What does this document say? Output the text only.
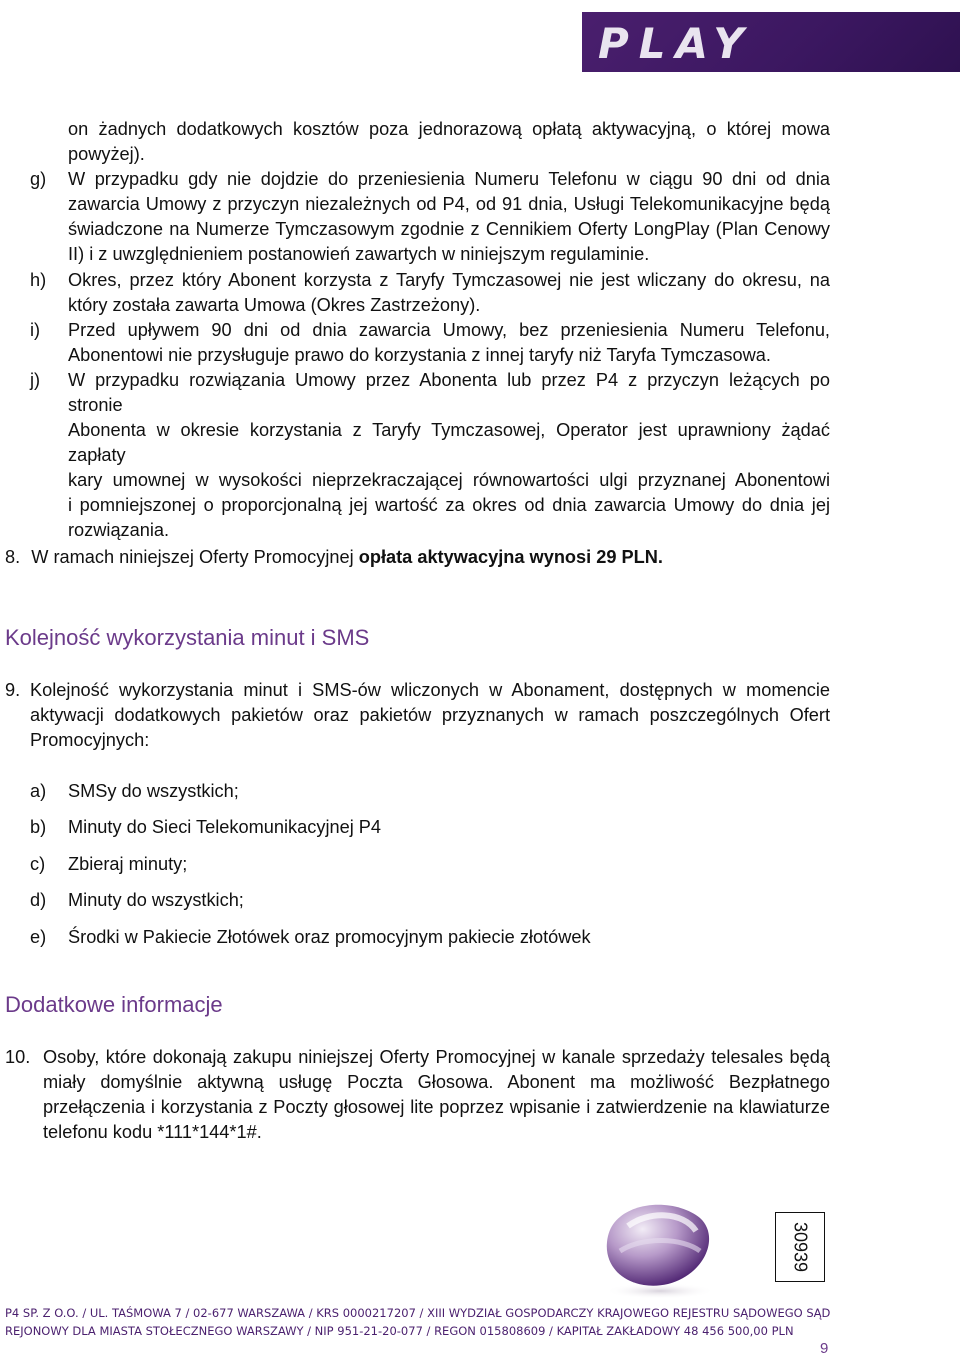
PLAY
on żadnych dodatkowych kosztów poza jednorazową opłatą aktywacyjną, o której mowa
powyżej).
g) W przypadku gdy nie dojdzie do przeniesienia Numeru Telefonu w ciągu 90 dni od dnia
zawarcia Umowy z przyczyn niezależnych od P4, od 91 dnia, Usługi Telekomunikacyjne będą
świadczone na Numerze Tymczasowym zgodnie z Cennikiem Oferty LongPlay (Plan Cenowy
II) i z uwzględnieniem postanowień zawartych w niniejszym regulaminie.
h) Okres, przez który Abonent korzysta z Taryfy Tymczasowej nie jest wliczany do okresu, na
który została zawarta Umowa (Okres Zastrzeżony).
i) Przed upływem 90 dni od dnia zawarcia Umowy, bez przeniesienia Numeru Telefonu,
Abonentowi nie przysługuje prawo do korzystania z innej taryfy niż Taryfa Tymczasowa.
j) W przypadku rozwiązania Umowy przez Abonenta lub przez P4 z przyczyn leżących po stronie
Abonenta w okresie korzystania z Taryfy Tymczasowej, Operator jest uprawniony żądać zapłaty
kary umownej w wysokości nieprzekraczającej równowartości ulgi przyznanej Abonentowi
i pomniejszonej o proporcjonalną jej wartość za okres od dnia zawarcia Umowy do dnia jej
rozwiązania.
8. W ramach niniejszej Oferty Promocyjnej opłata aktywacyjna wynosi 29 PLN.
Kolejność wykorzystania minut i SMS
9. Kolejność wykorzystania minut i SMS-ów wliczonych w Abonament, dostępnych w momencie
aktywacji dodatkowych pakietów oraz pakietów przyznanych w ramach poszczególnych Ofert
Promocyjnych:
a) SMSy do wszystkich;
b) Minuty do Sieci Telekomunikacyjnej P4
c) Zbieraj minuty;
d) Minuty do wszystkich;
e) Środki w Pakiecie Złotówek oraz promocyjnym pakiecie złotówek
Dodatkowe informacje
10. Osoby, które dokonają zakupu niniejszej Oferty Promocyjnej w kanale sprzedaży telesales będą
miały domyślnie aktywną usługę Poczta Głosowa. Abonent ma możliwość Bezpłatnego
przełączenia i korzystania z Poczty głosowej lite poprzez wpisanie i zatwierdzenie na klawiaturze
telefonu kodu *111*144*1#.
30939
P4 SP. Z O.O. / UL. TAŚMOWA 7 / 02-677 WARSZAWA / KRS 0000217207 / XIII WYDZIAŁ GOSPODARCZY KRAJOWEGO REJESTRU SĄDOWEGO SĄD
REJONOWY DLA MIASTA STOŁECZNEGO WARSZAWY / NIP 951-21-20-077 / REGON 015808609 / KAPITAŁ ZAKŁADOWY 48 456 500,00 PLN
9
